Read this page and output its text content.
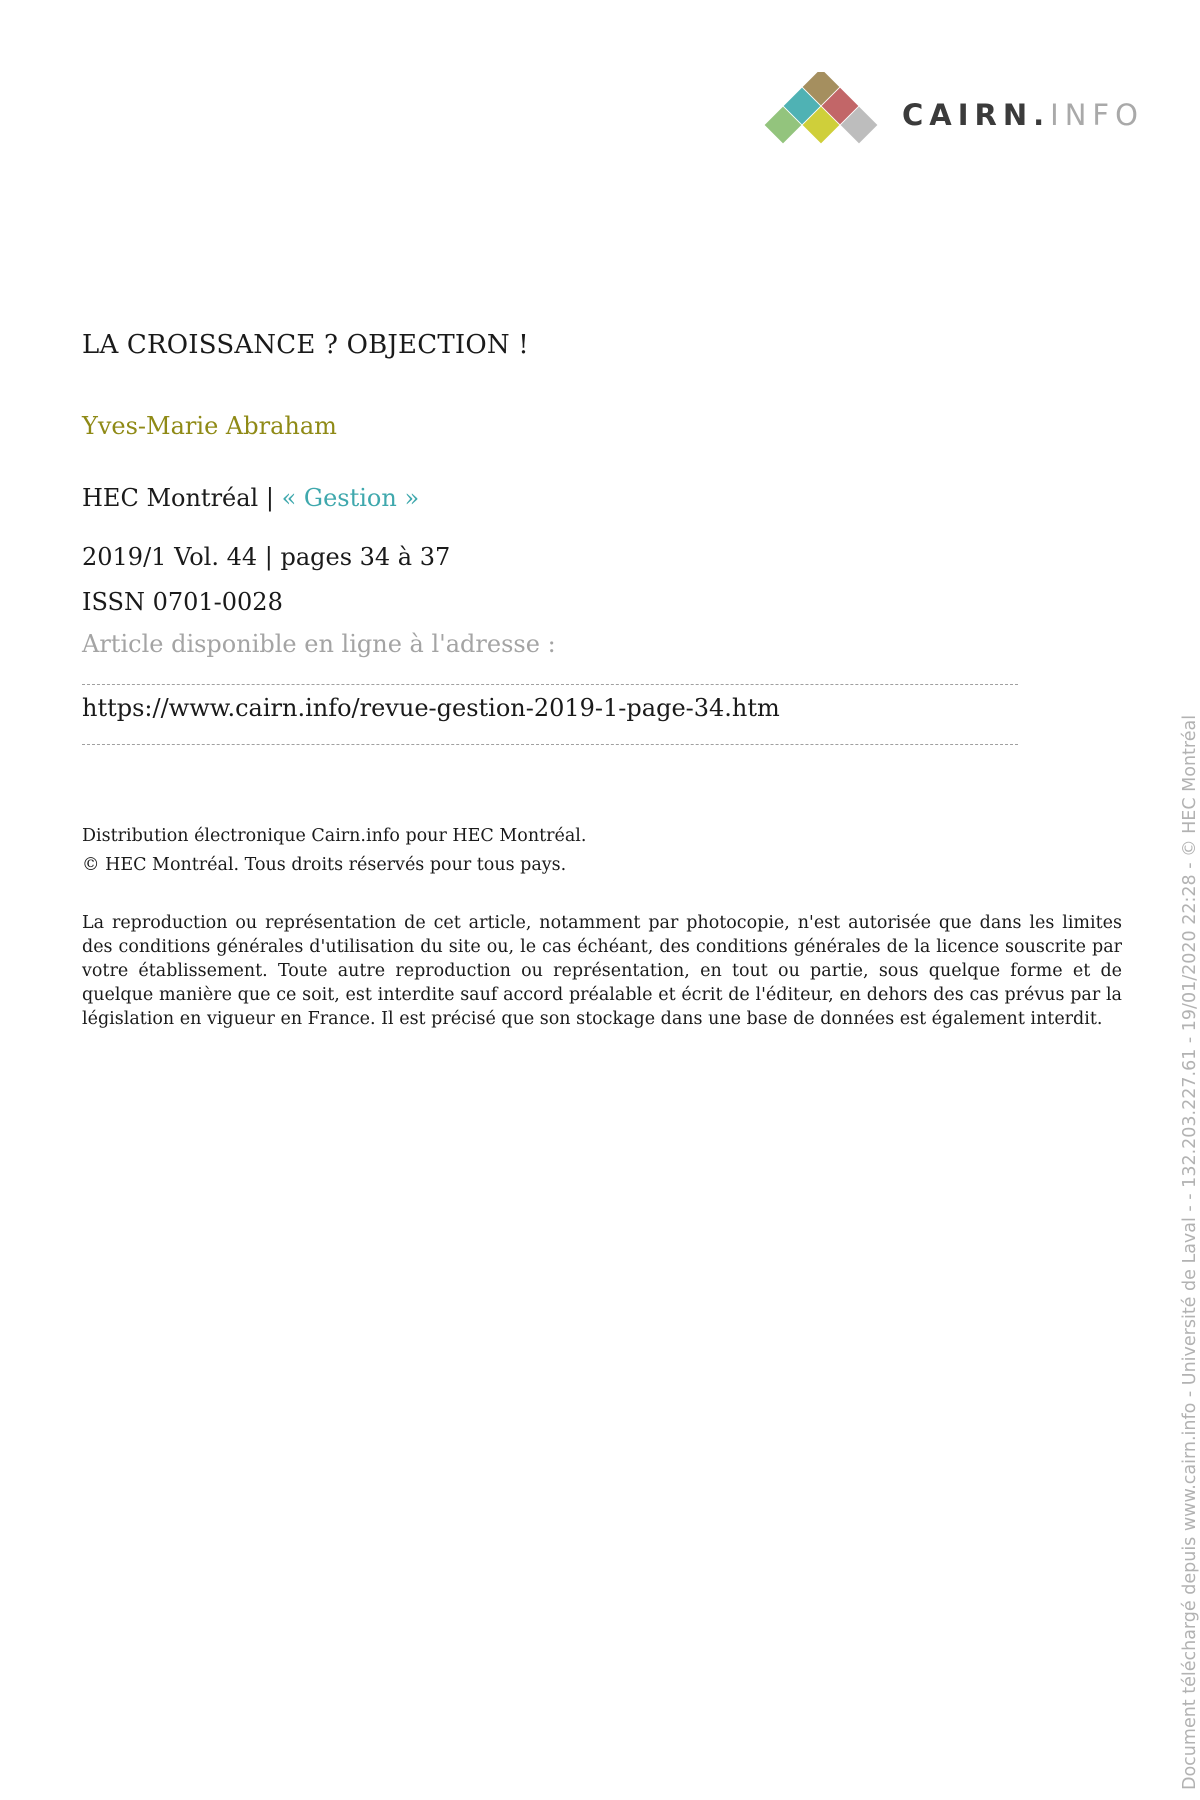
CAIRN.INFO
LA CROISSANCE ? OBJECTION !
Yves-Marie Abraham
HEC Montréal | « Gestion »
2019/1 Vol. 44 | pages 34 à 37
ISSN 0701-0028
Article disponible en ligne à l'adresse :
https://www.cairn.info/revue-gestion-2019-1-page-34.htm
Distribution électronique Cairn.info pour HEC Montréal.
© HEC Montréal. Tous droits réservés pour tous pays.
La reproduction ou représentation de cet article, notamment par photocopie, n'est autorisée que dans les limites des conditions générales d'utilisation du site ou, le cas échéant, des conditions générales de la licence souscrite par votre établissement. Toute autre reproduction ou représentation, en tout ou partie, sous quelque forme et de quelque manière que ce soit, est interdite sauf accord préalable et écrit de l'éditeur, en dehors des cas prévus par la législation en vigueur en France. Il est précisé que son stockage dans une base de données est également interdit.	Document téléchargé depuis www.cairn.info - Université de Laval - - 132.203.227.61 - 19/01/2020 22:28 - © HEC Montréal
